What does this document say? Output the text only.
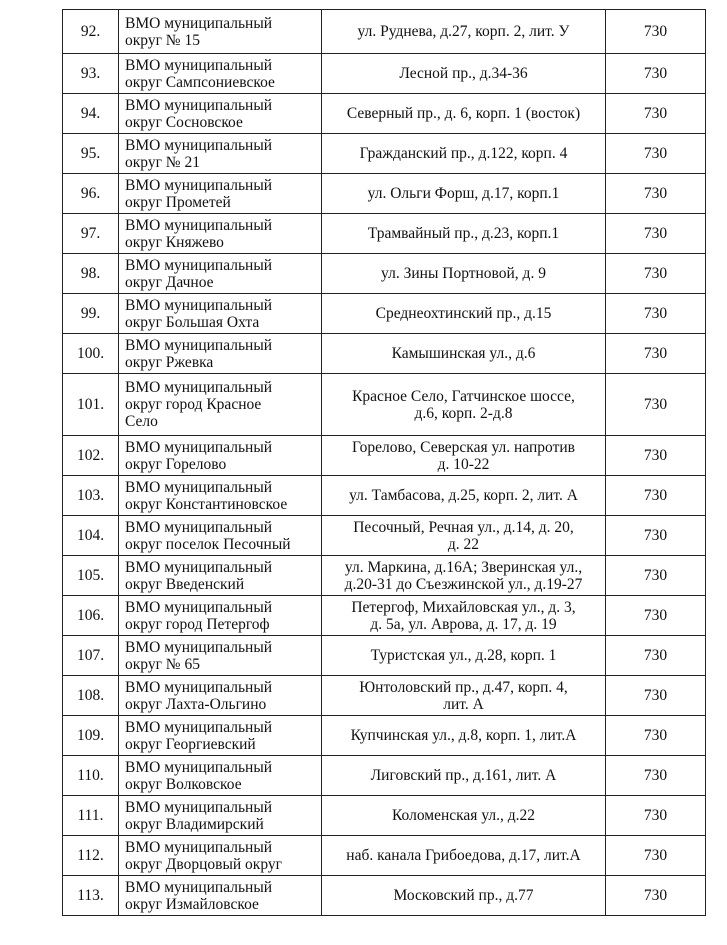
92.	ВМО муниципальный
округ № 15	ул. Руднева, д.27, корп. 2, лит. У	730
93.	ВМО муниципальный
округ Сампсониевское	Лесной пр., д.34-36	730
94.	ВМО муниципальный
округ Сосновское	Северный пр., д. 6, корп. 1 (восток)	730
95.	ВМО муниципальный
округ № 21	Гражданский пр., д.122, корп. 4	730
96.	ВМО муниципальный
округ Прометей	ул. Ольги Форш, д.17, корп.1	730
97.	ВМО муниципальный
округ Княжево	Трамвайный пр., д.23, корп.1	730
98.	ВМО муниципальный
округ Дачное	ул. Зины Портновой, д. 9	730
99.	ВМО муниципальный
округ Большая Охта	Среднеохтинский пр., д.15	730
100.	ВМО муниципальный
округ Ржевка	Камышинская ул., д.6	730
101.	ВМО муниципальный
округ город Красное
Село	Красное Село, Гатчинское шоссе,
д.6, корп. 2-д.8	730
102.	ВМО муниципальный
округ Горелово	Горелово, Северская ул. напротив
д. 10-22	730
103.	ВМО муниципальный
округ Константиновское	ул. Тамбасова, д.25, корп. 2, лит. А	730
104.	ВМО муниципальный
округ поселок Песочный	Песочный, Речная ул., д.14, д. 20,
д. 22	730
105.	ВМО муниципальный
округ Введенский	ул. Маркина, д.16А; Зверинская ул.,
д.20-31 до Съезжинской ул., д.19-27	730
106.	ВМО муниципальный
округ город Петергоф	Петергоф, Михайловская ул., д. 3,
д. 5а, ул. Аврова, д. 17, д. 19	730
107.	ВМО муниципальный
округ № 65	Туристская ул., д.28, корп. 1	730
108.	ВМО муниципальный
округ Лахта-Ольгино	Юнтоловский пр., д.47, корп. 4,
лит. А	730
109.	ВМО муниципальный
округ Георгиевский	Купчинская ул., д.8, корп. 1, лит.А	730
110.	ВМО муниципальный
округ Волковское	Лиговский пр., д.161, лит. А	730
111.	ВМО муниципальный
округ Владимирский	Коломенская ул., д.22	730
112.	ВМО муниципальный
округ Дворцовый округ	наб. канала Грибоедова, д.17, лит.А	730
113.	ВМО муниципальный
округ Измайловское	Московский пр., д.77	730
